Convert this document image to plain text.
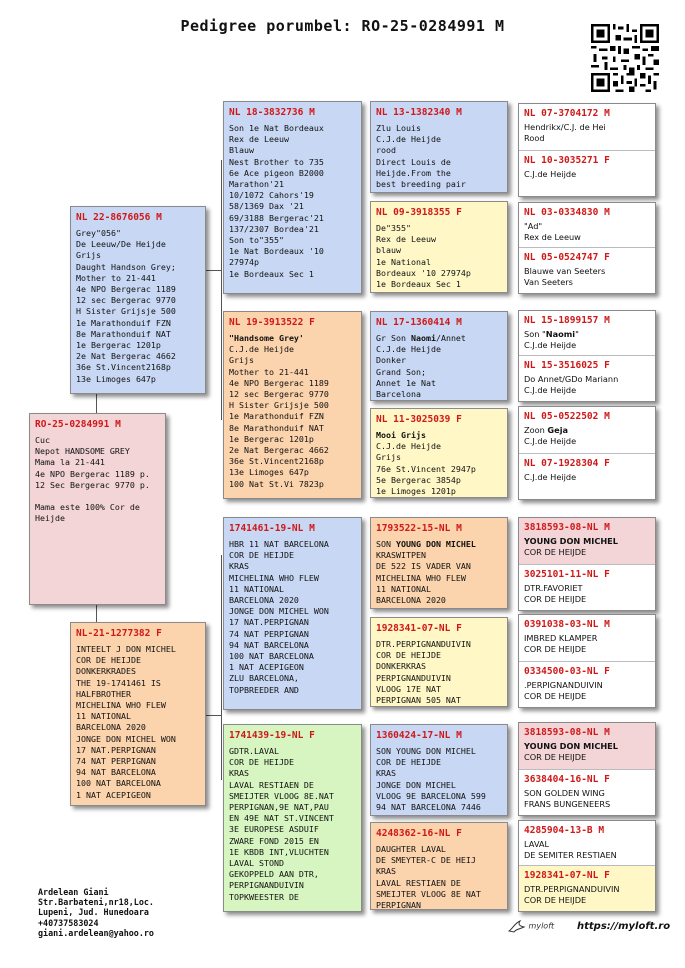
Pedigree porumbel: RO-25-0284991 M
RO-25-0284991 M
Cuc
Nepot HANDSOME GREY
Mama la 21-441
4e NPO Bergerac 1189 p.
12 Sec Bergerac 9770 p.

Mama este 100% Cor de
Heijde
NL 22-8676056 M
Grey"056"
De Leeuw/De Heijde
Grijs
Daught Handson Grey;
Mother to 21-441
4e NPO Bergerac 1189
12 sec Bergerac 9770
H Sister Grijsje 500
1e Marathonduif FZN
8e Marathonduif NAT
1e Bergerac 1201p
2e Nat Bergerac 4662
36e St.Vincent2168p
13e Limoges 647p
NL-21-1277382 F
INTEELT J DON MICHEL
COR DE HEIJDE
DONKERKRADES
THE 19-1741461 IS
HALFBROTHER
MICHELINA WHO FLEW
11 NATIONAL
BARCELONA 2020
JONGE DON MICHEL WON
17 NAT.PERPIGNAN
74 NAT PERPIGNAN
94 NAT BARCELONA
100 NAT BARCELONA
1 NAT ACEPIGEON
NL 18-3832736 M
Son 1e Nat Bordeaux
Rex de Leeuw
Blauw
Nest Brother to 735
6e Ace pigeon B2000
Marathon'21
10/1072 Cahors'19
58/1369 Dax '21
69/3188 Bergerac'21
137/2307 Bordea'21
Son to"355"
1e Nat Bordeaux '10
27974p
1e Bordeaux Sec 1
NL 19-3913522 F
"Handsome Grey'
C.J.de Heijde
Grijs
Mother to 21-441
4e NPO Bergerac 1189
12 sec Bergerac 9770
H Sister Grijsje 500
1e Marathonduif FZN
8e Marathonduif NAT
1e Bergerac 1201p
2e Nat Bergerac 4662
36e St.Vincent2168p
13e Limoges 647p
100 Nat St.Vi 7823p
1741461-19-NL M
HBR 11 NAT BARCELONA
COR DE HEIJDE
KRAS
MICHELINA WHO FLEW
11 NATIONAL
BARCELONA 2020
JONGE DON MICHEL WON
17 NAT.PERPIGNAN
74 NAT PERPIGNAN
94 NAT BARCELONA
100 NAT BARCELONA
1 NAT ACEPIGEON
ZLU BARCELONA,
TOPBREEDER AND
1741439-19-NL F
GDTR.LAVAL
COR DE HEIJDE
KRAS
LAVAL RESTIAEN DE
SMEIJTER VLOOG 8E.NAT
PERPIGNAN,9E NAT,PAU
EN 49E NAT ST.VINCENT
3E EUROPESE ASDUIF
ZWARE FOND 2015 EN
1E KBDB INT,VLUCHTEN
LAVAL STOND
GEKOPPELD AAN DTR,
PERPIGNANDUIVIN
TOPKWEESTER DE
NL 13-1382340 M
Zlu Louis
C.J.de Heijde
rood
Direct Louis de
Heijde.From the
best breeding pair
NL 09-3918355 F
De"355"
Rex de Leeuw
blauw
1e National
Bordeaux '10 27974p
1e Bordeaux Sec 1
NL 17-1360414 M
Gr Son Naomi/Annet
C.J.de Heijde
Donker
Grand Son;
Annet 1e Nat
Barcelona
NL 11-3025039 F
Mooi Grijs
C.J.de Heijde
Grijs
76e St.Vincent 2947p
5e Bergerac 3854p
1e Limoges 1201p
1793522-15-NL M
SON YOUNG DON MICHEL
KRASWITPEN
DE 522 IS VADER VAN
MICHELINA WHO FLEW
11 NATIONAL
BARCELONA 2020
1928341-07-NL F
DTR.PERPIGNANDUIVIN
COR DE HEIJDE
DONKERKRAS
PERPIGNANDUIVIN
VLOOG 17E NAT
PERPIGNAN 505 NAT
1360424-17-NL M
SON YOUNG DON MICHEL
COR DE HEIJDE
KRAS
JONGE DON MICHEL
VLOOG 9E BARCELONA 599
94 NAT BARCELONA 7446
4248362-16-NL F
DAUGHTER LAVAL
DE SMEYTER-C DE HEIJ
KRAS
LAVAL RESTIAEN DE
SMEIJTER VLOOG 8E NAT
PERPIGNAN
NL 07-3704172 M
Hendrikx/C.J. de Hei
Rood
NL 10-3035271 F
C.J.de Heijde
NL 03-0334830 M
"Ad"
Rex de Leeuw
NL 05-0524747 F
Blauwe van Seeters
Van Seeters
NL 15-1899157 M
Son "Naomi"
C.J.de Heijde
NL 15-3516025 F
Do Annet/GDo Mariann
C.J.de Heijde
NL 05-0522502 M
Zoon Geja
C.J.de Heijde
NL 07-1928304 F
C.J.de Heijde
3818593-08-NL M
YOUNG DON MICHEL
COR DE HEIJDE
3025101-11-NL F
DTR.FAVORIET
COR DE HEIJDE
0391038-03-NL M
IMBRED KLAMPER
COR DE HEIJDE
0334500-03-NL F
.PERPIGNANDUIVIN
COR DE HEIJDE
3818593-08-NL M
YOUNG DON MICHEL
COR DE HEIJDE
3638404-16-NL F
SON GOLDEN WING
FRANS BUNGENEERS
4285904-13-B M
LAVAL
DE SEMITER RESTIAEN
1928341-07-NL F
DTR.PERPIGNANDUIVIN
COR DE HEIJDE
Ardelean Giani
Str.Barbateni,nr18,Loc.
Lupeni, Jud. Hunedoara
+40737583024
giani.ardelean@yahoo.ro
myloft https://myloft.ro
